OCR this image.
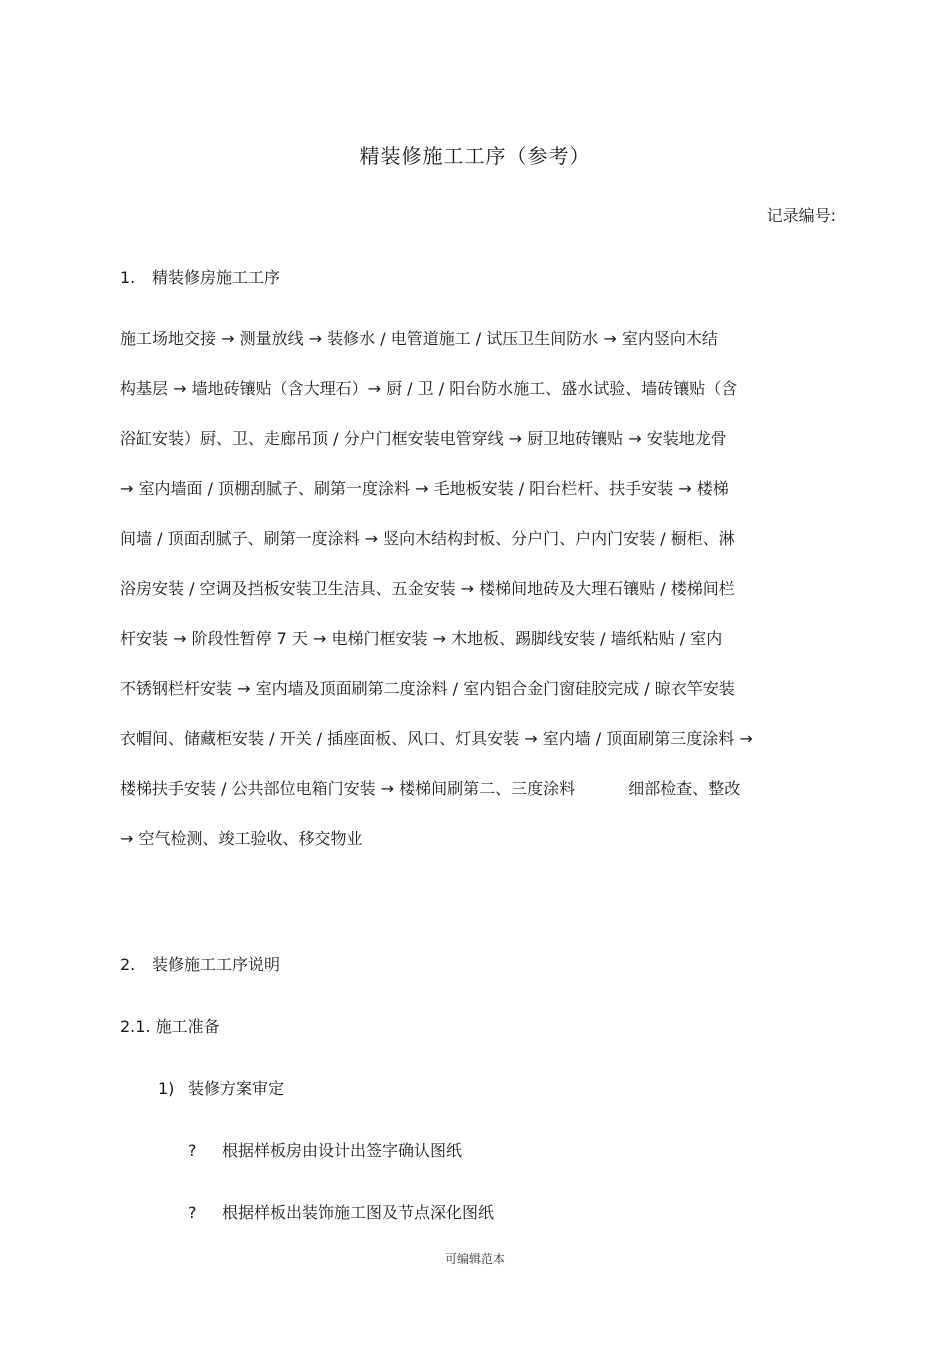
精装修施工工序（参考）
记录编号:
1. 精装修房施工工序
施工场地交接 → 测量放线 → 装修水 / 电管道施工 / 试压卫生间防水 → 室内竖向木结
构基层 → 墙地砖镶贴（含大理石）→ 厨 / 卫 / 阳台防水施工、盛水试验、墙砖镶贴（含
浴缸安装）厨、卫、走廊吊顶 / 分户门框安装电管穿线 → 厨卫地砖镶贴 → 安装地龙骨
→ 室内墙面 / 顶棚刮腻子、刷第一度涂料 → 毛地板安装 / 阳台栏杆、扶手安装 → 楼梯
间墙 / 顶面刮腻子、刷第一度涂料 → 竖向木结构封板、分户门、户内门安装 / 橱柜、淋
浴房安装 / 空调及挡板安装卫生洁具、五金安装 → 楼梯间地砖及大理石镶贴 / 楼梯间栏
杆安装 → 阶段性暂停 7 天 → 电梯门框安装 → 木地板、踢脚线安装 / 墙纸粘贴 / 室内
不锈钢栏杆安装 → 室内墙及顶面刷第二度涂料 / 室内铝合金门窗硅胶完成 / 晾衣竿安装
衣帽间、储藏柜安装 / 开关 / 插座面板、风口、灯具安装 → 室内墙 / 顶面刷第三度涂料 →
楼梯扶手安装 / 公共部位电箱门安装 → 楼梯间刷第二、三度涂料 　　　细部检查、整改
→ 空气检测、竣工验收、移交物业
2. 装修施工工序说明
2.1. 施工准备
1) 装修方案审定
? 根据样板房由设计出签字确认图纸
? 根据样板出装饰施工图及节点深化图纸
可编辑范本
